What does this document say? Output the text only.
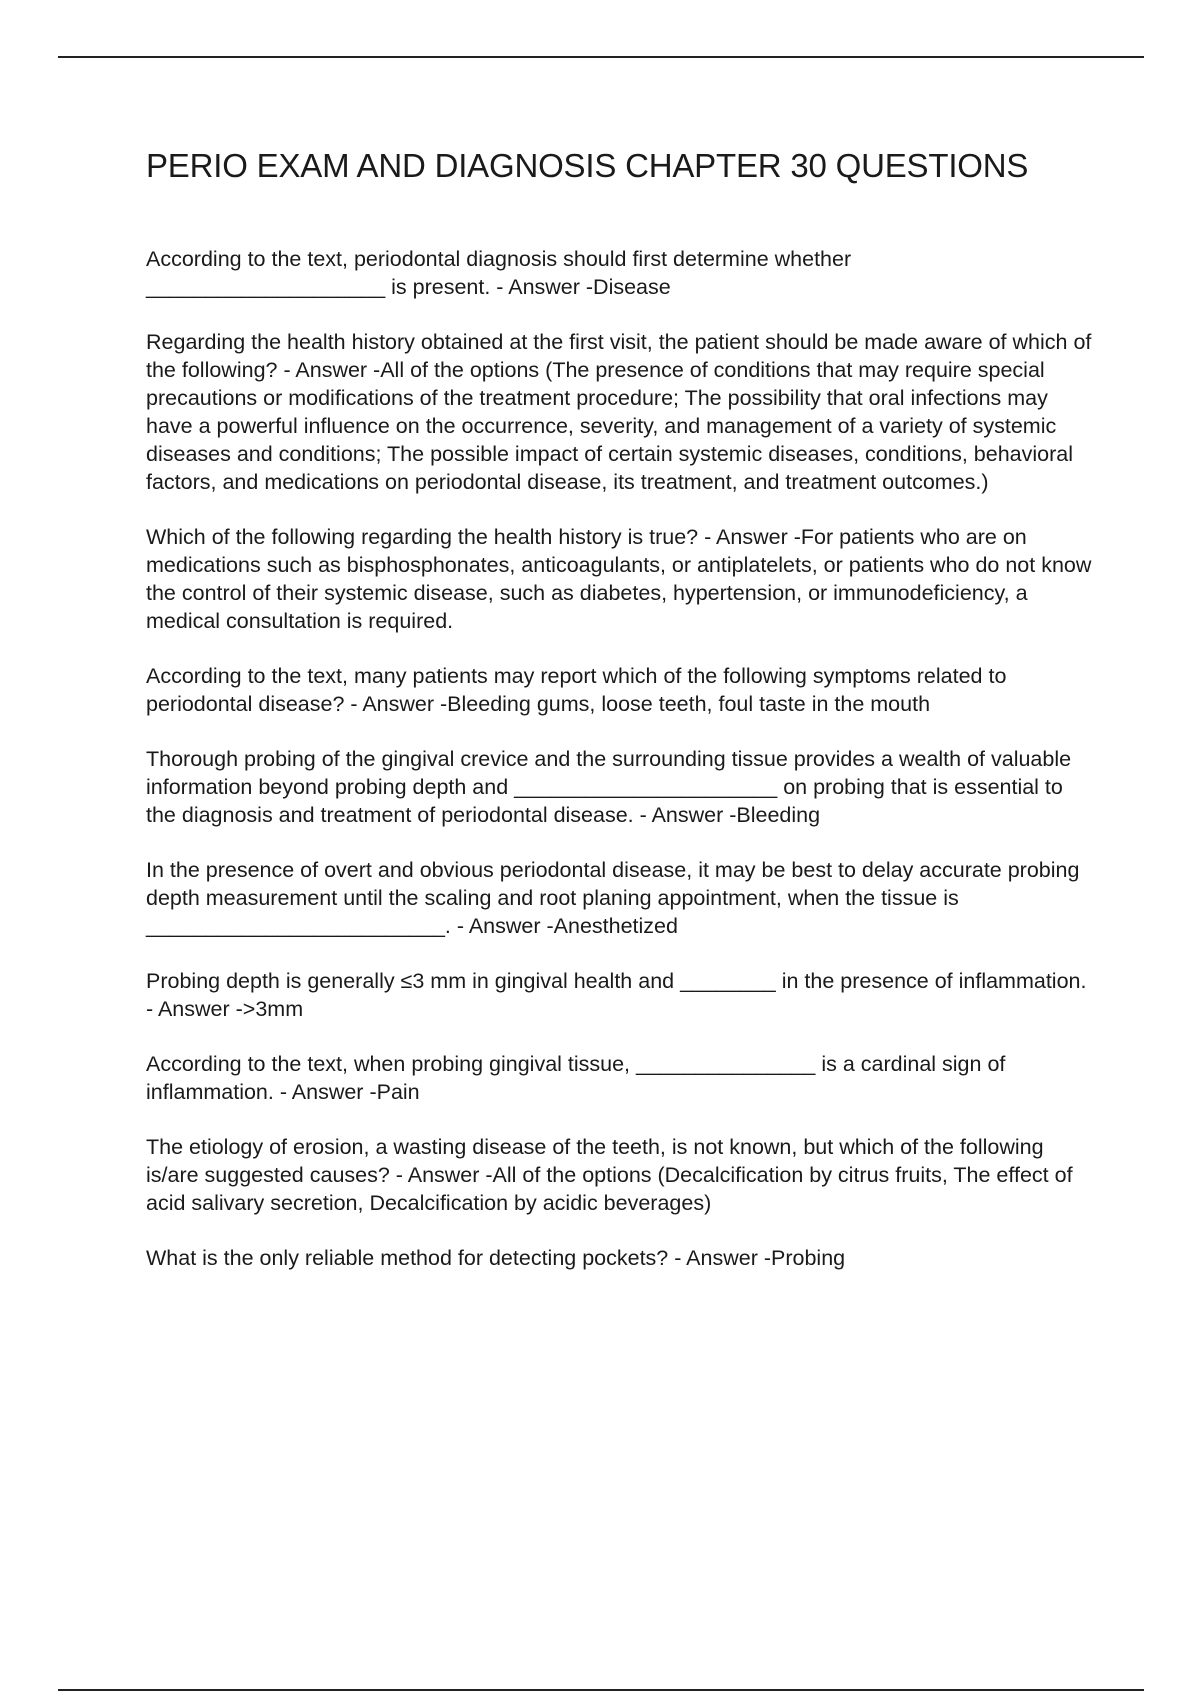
PERIO EXAM AND DIAGNOSIS CHAPTER 30 QUESTIONS
According to the text, periodontal diagnosis should first determine whether ____________________ is present. - Answer -Disease
Regarding the health history obtained at the first visit, the patient should be made aware of which of the following? - Answer -All of the options (The presence of conditions that may require special precautions or modifications of the treatment procedure; The possibility that oral infections may have a powerful influence on the occurrence, severity, and management of a variety of systemic diseases and conditions; The possible impact of certain systemic diseases, conditions, behavioral factors, and medications on periodontal disease, its treatment, and treatment outcomes.)
Which of the following regarding the health history is true? - Answer -For patients who are on medications such as bisphosphonates, anticoagulants, or antiplatelets, or patients who do not know the control of their systemic disease, such as diabetes, hypertension, or immunodeficiency, a medical consultation is required.
According to the text, many patients may report which of the following symptoms related to periodontal disease? - Answer -Bleeding gums, loose teeth, foul taste in the mouth
Thorough probing of the gingival crevice and the surrounding tissue provides a wealth of valuable information beyond probing depth and ______________________ on probing that is essential to the diagnosis and treatment of periodontal disease. - Answer -Bleeding
In the presence of overt and obvious periodontal disease, it may be best to delay accurate probing depth measurement until the scaling and root planing appointment, when the tissue is _________________________. - Answer -Anesthetized
Probing depth is generally ≤3 mm in gingival health and ________ in the presence of inflammation. - Answer ->3mm
According to the text, when probing gingival tissue, _______________ is a cardinal sign of inflammation. - Answer -Pain
The etiology of erosion, a wasting disease of the teeth, is not known, but which of the following is/are suggested causes? - Answer -All of the options (Decalcification by citrus fruits, The effect of acid salivary secretion, Decalcification by acidic beverages)
What is the only reliable method for detecting pockets? - Answer -Probing
